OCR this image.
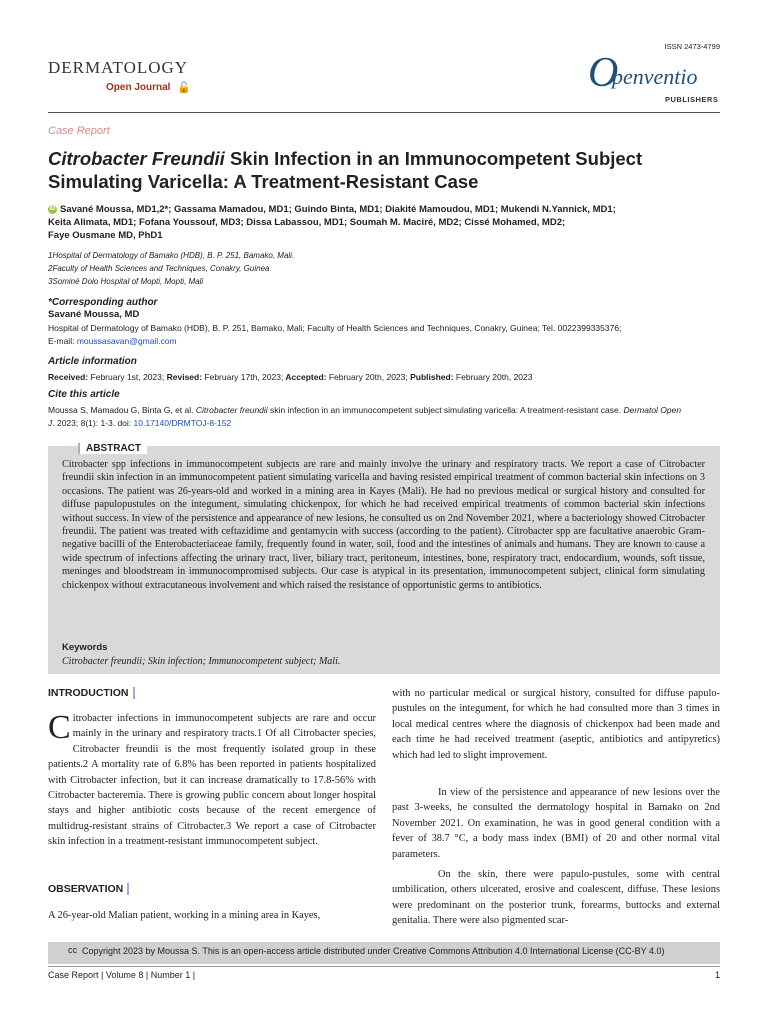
ISSN 2473-4799
DERMATOLOGY
Open Journal 🔓	O
penventio
PUBLISHERS
Case Report
Citrobacter Freundii Skin Infection in an Immunocompetent Subject Simulating Varicella: A Treatment-Resistant Case
iD Savané Moussa, MD1,2*; Gassama Mamadou, MD1; Guindo Binta, MD1; Diakité Mamoudou, MD1; Mukendi N.Yannick, MD1;
Keita Alimata, MD1; Fofana Youssouf, MD3; Dissa Labassou, MD1; Soumah M. Maciré, MD2; Cissé Mohamed, MD2;
Faye Ousmane MD, PhD1
1Hospital of Dermatology of Bamako (HDB), B. P. 251, Bamako, Mali.
2Faculty of Health Sciences and Techniques, Conakry, Guinea
3Sominé Dolo Hospital of Mopti, Mopti, Mali
*Corresponding author
Savané Moussa, MD
Hospital of Dermatology of Bamako (HDB), B. P. 251, Bamako, Mali; Faculty of Health Sciences and Techniques, Conakry, Guinea; Tel. 0022399335376;
E-mail: moussasavan@gmail.com
Article information
Received: February 1st, 2023; Revised: February 17th, 2023; Accepted: February 20th, 2023; Published: February 20th, 2023
Cite this article
Moussa S, Mamadou G, Binta G, et al. Citrobacter freundii skin infection in an immunocompetent subject simulating varicella: A treatment-resistant case. Dermatol Open
J. 2023; 8(1): 1-3. doi: 10.17140/DRMTOJ-8-152
ABSTRACT
Citrobacter spp infections in immunocompetent subjects are rare and mainly involve the urinary and respiratory tracts. We report a case of Citrobacter freundii skin infection in an immunocompetent patient simulating varicella and having resisted empirical treatment of common bacterial skin infections on 3 occasions. The patient was 26-years-old and worked in a mining area in Kayes (Mali). He had no previous medical or surgical history and consulted for diffuse papulopustules on the integument, simulating chickenpox, for which he had received empirical treatments of common bacterial skin infections without success. In view of the persistence and appearance of new lesions, he consulted us on 2nd November 2021, where a bacteriology showed Citrobacter freundii. The patient was treated with ceftazidime and gentamycin with success (according to the patient). Citrobacter spp are facultative anaerobic Gram-negative bacilli of the Enterobacteriaceae family, frequently found in water, soil, food and the intestines of animals and humans. They are known to cause a wide spectrum of infections affecting the urinary tract, liver, biliary tract, peritoneum, intestines, bone, respiratory tract, endocardium, wounds, soft tissue, meninges and bloodstream in immunocompromised subjects. Our case is atypical in its presentation, immunocompetent subject, clinical form simulating chickenpox without extracutaneous involvement and which raised the resistance of opportunistic germs to antibiotics.
Keywords
Citrobacter freundii; Skin infection; Immunocompetent subject; Mali.
INTRODUCTION
Citrobacter infections in immunocompetent subjects are rare and occur mainly in the urinary and respiratory tracts.1 Of all Citrobacter species, Citrobacter freundii is the most frequently isolated group in these patients.2 A mortality rate of 6.8% has been reported in patients hospitalized with Citrobacter infection, but it can increase dramatically to 17.8-56% with Citrobacter bacteremia. There is growing public concern about longer hospital stays and higher antibiotic costs because of the recent emergence of multidrug-resistant strains of Citrobacter.3 We report a case of Citrobacter skin infection in a treatment-resistant immunocompetent subject.
OBSERVATION
A 26-year-old Malian patient, working in a mining area in Kayes,
with no particular medical or surgical history, consulted for diffuse papulo-pustules on the integument, for which he had consulted more than 3 times in local medical centres where the diagnosis of chickenpox had been made and each time he had received treatment (aseptic, antibiotics and antipyretics) which had led to slight improvement.
In view of the persistence and appearance of new lesions over the past 3-weeks, he consulted the dermatology hospital in Bamako on 2nd November 2021. On examination, he was in good general condition with a fever of 38.7 °C, a body mass index (BMI) of 20 and other normal vital parameters.
On the skin, there were papulo-pustules, some with central umbilication, others ulcerated, erosive and coalescent, diffuse. These lesions were predominant on the posterior trunk, forearms, buttocks and external genitalia. There were also pigmented scar-
cc Copyright 2023 by Moussa S. This is an open-access article distributed under Creative Commons Attribution 4.0 International License (CC-BY 4.0)
Case Report | Volume 8 | Number 1 |	1
